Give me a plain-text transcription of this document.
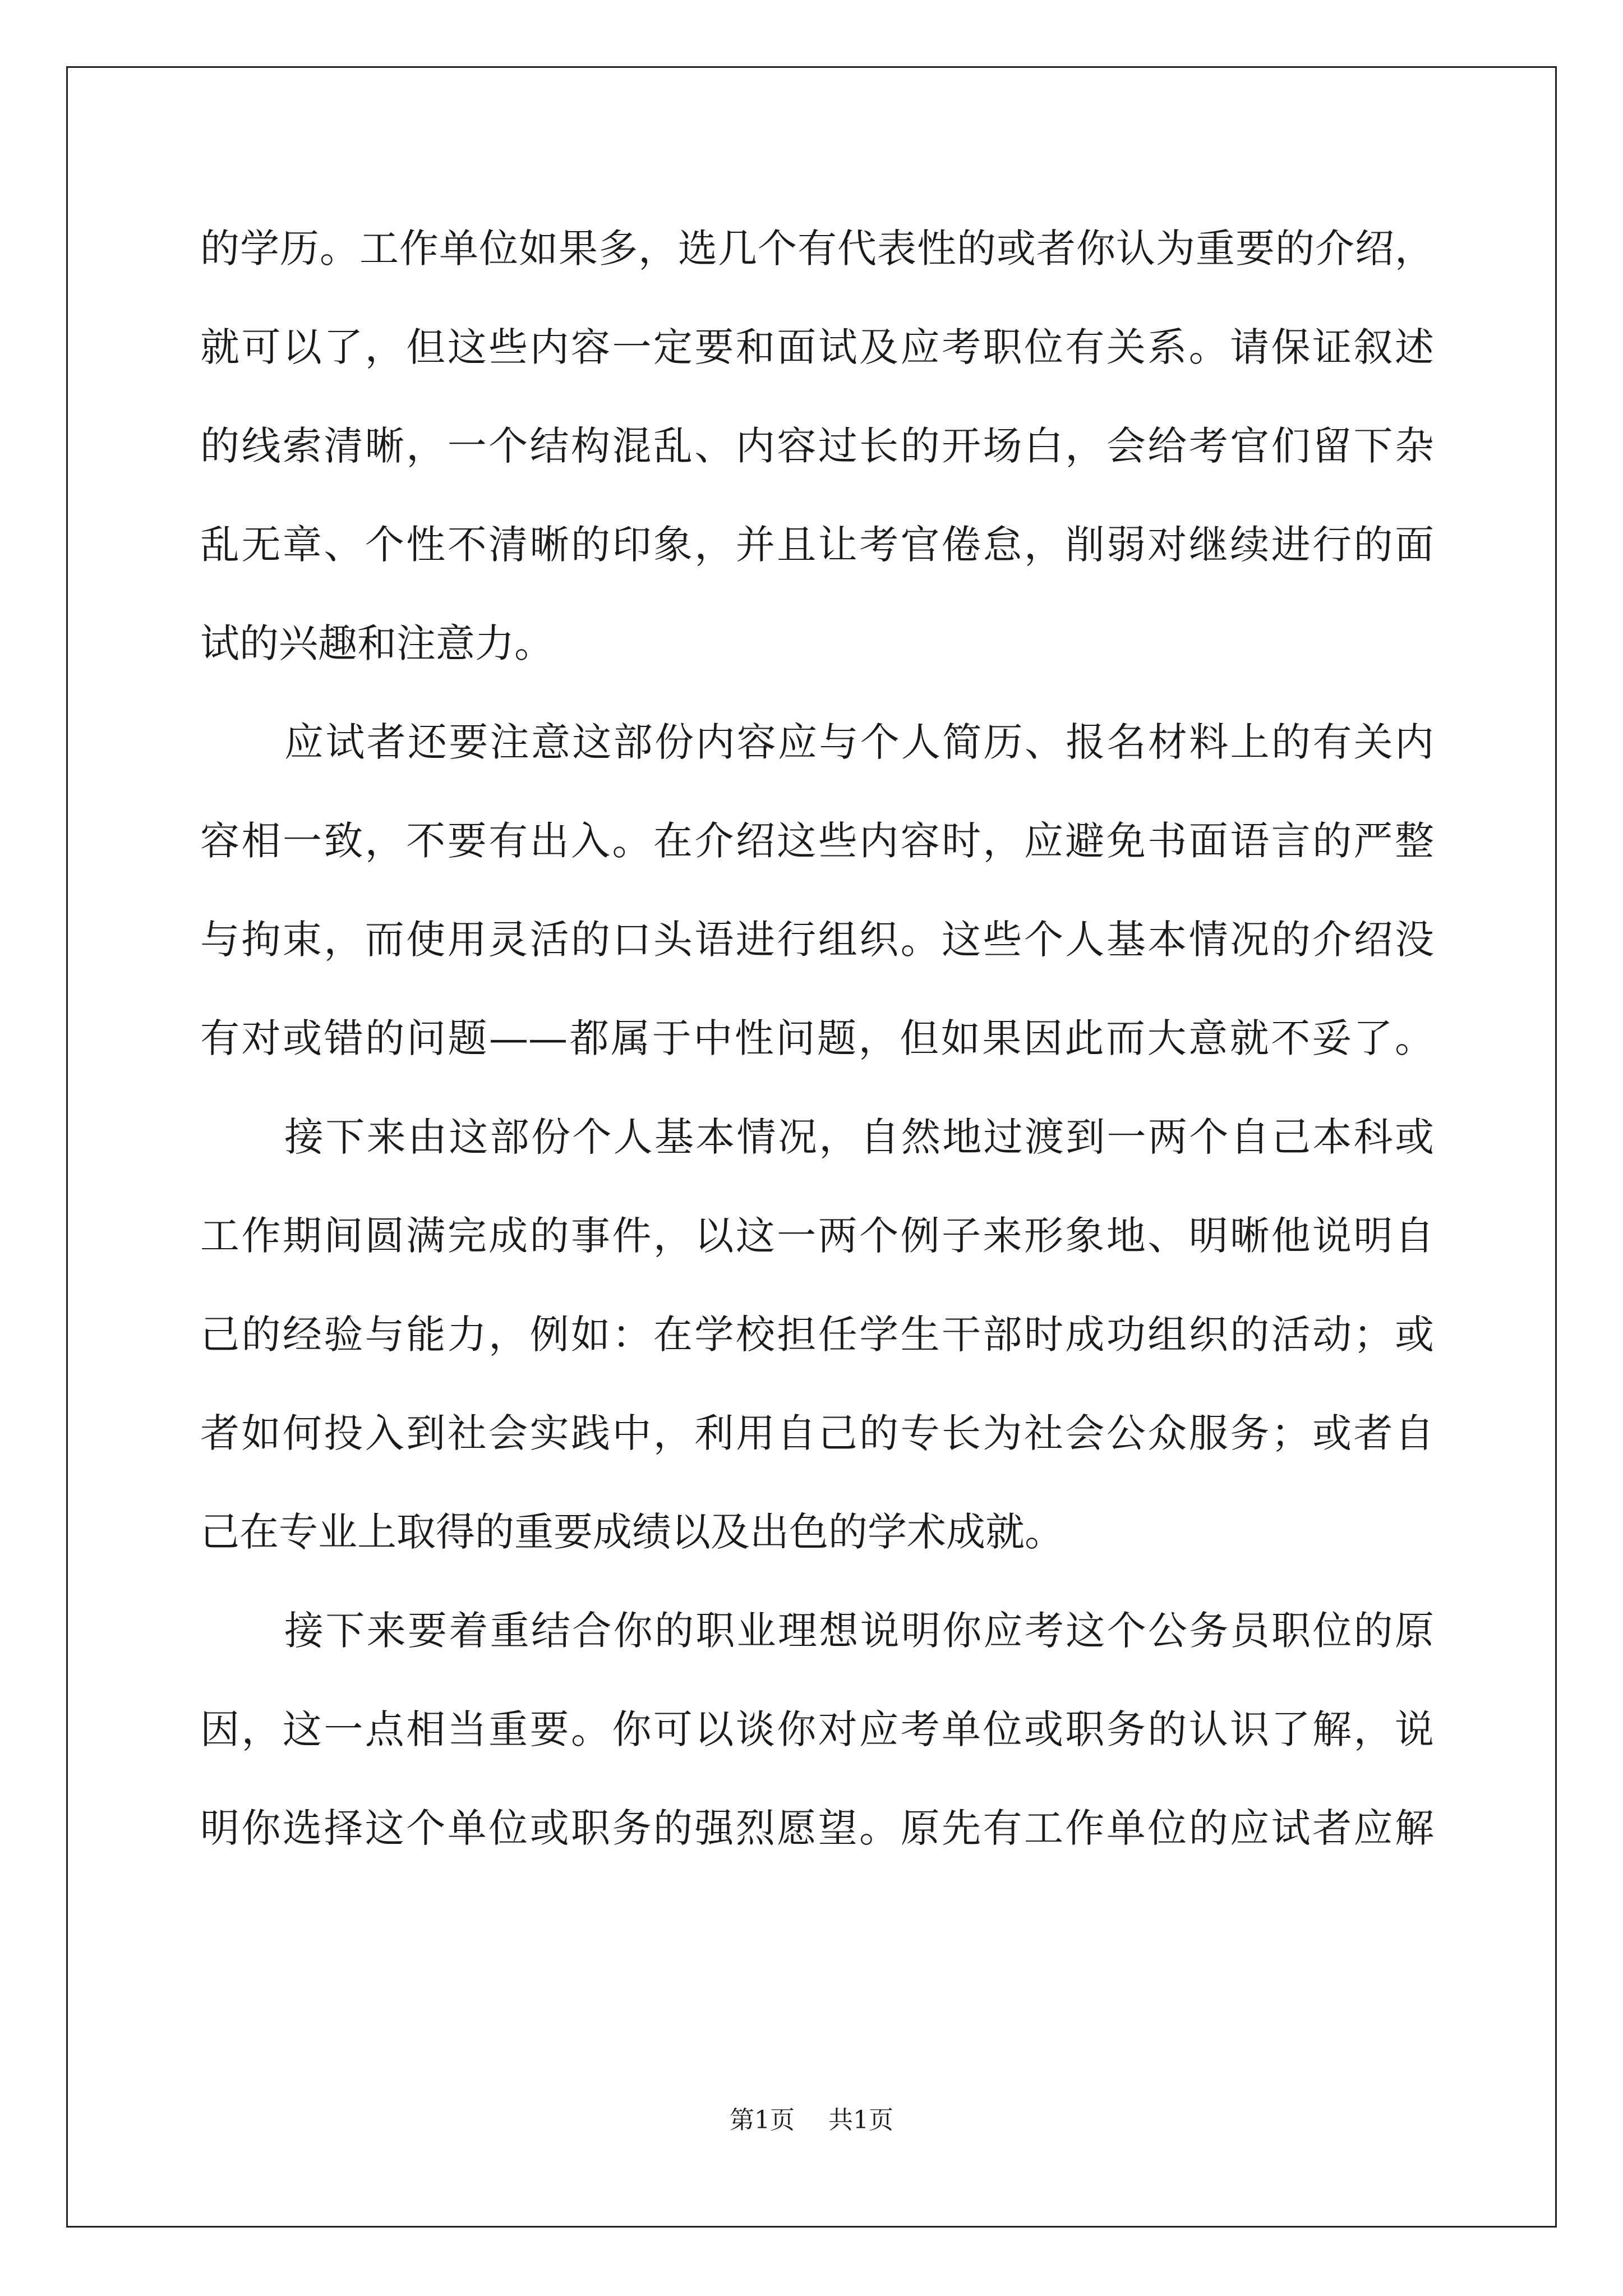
的学历。工作单位如果多，选几个有代表性的或者你认为重要的介绍，
就可以了，但这些内容一定要和面试及应考职位有关系。请保证叙述
的线索清晰，一个结构混乱、内容过长的开场白，会给考官们留下杂
乱无章、个性不清晰的印象，并且让考官倦怠，削弱对继续进行的面
试的兴趣和注意力。
应试者还要注意这部份内容应与个人简历、报名材料上的有关内
容相一致，不要有出入。在介绍这些内容时，应避免书面语言的严整
与拘束，而使用灵活的口头语进行组织。这些个人基本情况的介绍没
有对或错的问题——都属于中性问题，但如果因此而大意就不妥了。
接下来由这部份个人基本情况，自然地过渡到一两个自己本科或
工作期间圆满完成的事件，以这一两个例子来形象地、明晰他说明自
己的经验与能力，例如：在学校担任学生干部时成功组织的活动；或
者如何投入到社会实践中，利用自己的专长为社会公众服务；或者自
己在专业上取得的重要成绩以及出色的学术成就。
接下来要着重结合你的职业理想说明你应考这个公务员职位的原
因，这一点相当重要。你可以谈你对应考单位或职务的认识了解，说
明你选择这个单位或职务的强烈愿望。原先有工作单位的应试者应解
第1页 共1页
